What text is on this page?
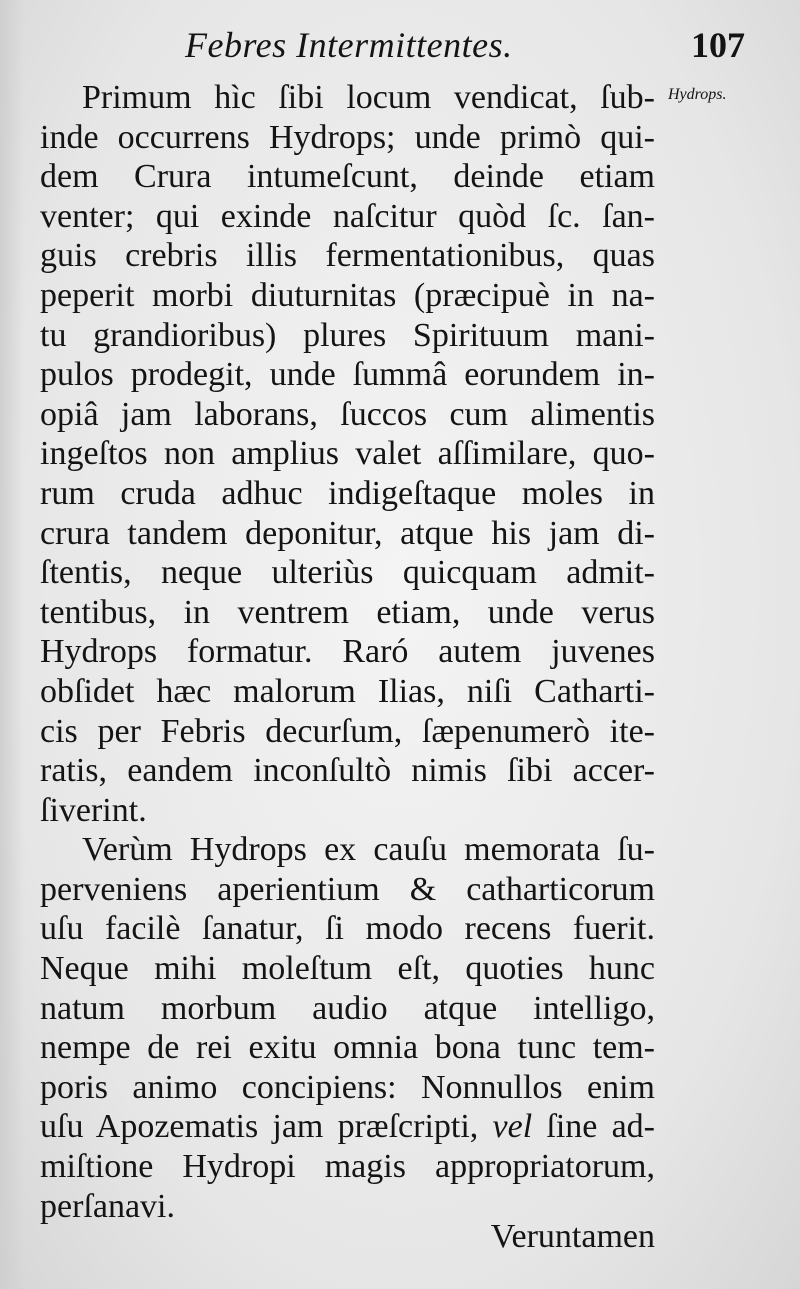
Febres Intermittentes.	107
Hydrops.
Primum hìc ſibi locum vendicat, ſub-
inde occurrens Hydrops; unde primò qui-
dem Crura intumeſcunt, deinde etiam
venter; qui exinde naſcitur quòd ſc. ſan-
guis crebris illis fermentationibus, quas
peperit morbi diuturnitas (præcipuè in na-
tu grandioribus) plures Spirituum mani-
pulos prodegit, unde ſummâ eorundem in-
opiâ jam laborans, ſuccos cum alimentis
ingeſtos non amplius valet aſſimilare, quo-
rum cruda adhuc indigeſtaque moles in
crura tandem deponitur, atque his jam di-
ſtentis, neque ulteriùs quicquam admit-
tentibus, in ventrem etiam, unde verus
Hydrops formatur. Raró autem juvenes
obſidet hæc malorum Ilias, niſi Catharti-
cis per Febris decurſum, ſæpenumerò ite-
ratis, eandem inconſultò nimis ſibi accer-
ſiverint.
Verùm Hydrops ex cauſu memorata ſu-
perveniens aperientium & catharticorum
uſu facilè ſanatur, ſi modo recens fuerit.
Neque mihi moleſtum eſt, quoties hunc
natum morbum audio atque intelligo,
nempe de rei exitu omnia bona tunc tem-
poris animo concipiens: Nonnullos enim
uſu Apozematis jam præſcripti, vel ſine ad-
miſtione Hydropi magis appropriatorum,
perſanavi.
Veruntamen
